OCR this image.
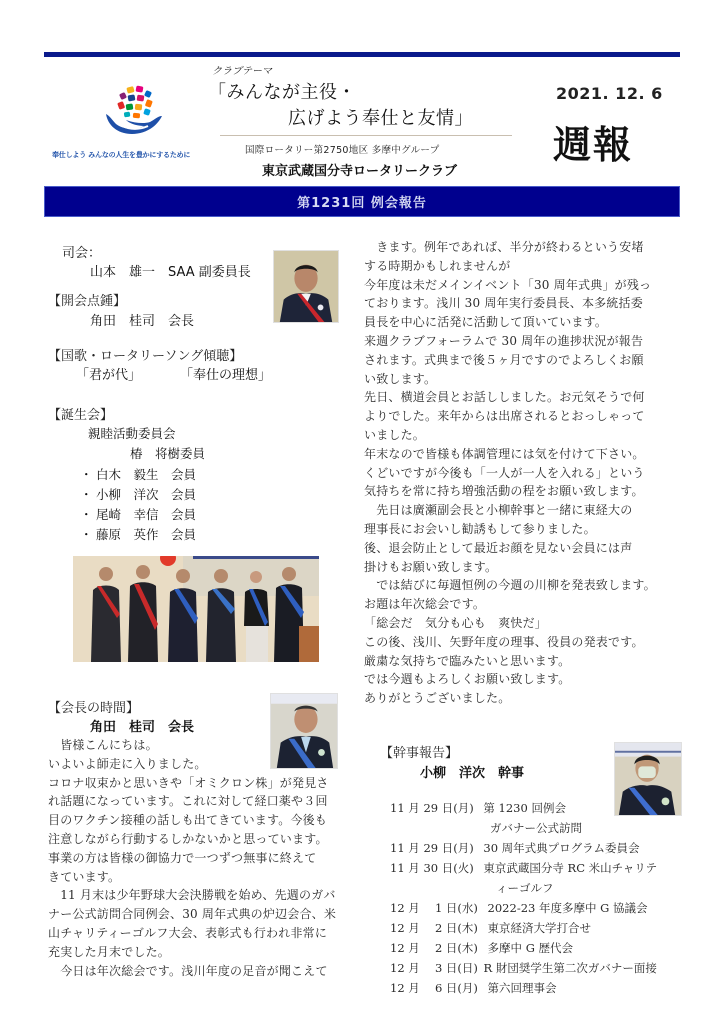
奉仕しよう みんなの人生を豊かにするために
クラブテーマ
「みんなが主役・
広げよう奉仕と友情」
国際ロータリー第2750地区 多摩中グループ
東京武蔵国分寺ロータリークラブ
2021. 12. 6
週報
第1231回 例会報告
司会：
山本　雄一　SAA 副委員長
【開会点鍾】
角田　桂司　会長
【国歌・ロータリーソング傾聴】
「君が代」	「奉仕の理想」
【誕生会】
親睦活動委員会
椿　将樹委員
・ 白木　毅生　会員
・ 小柳　洋次　会員
・ 尾崎　幸信　会員
・ 藤原　英作　会員
【会長の時間】
角田　桂司　会長
　皆様こんにちは。
いよいよ師走に入りました。
コロナ収束かと思いきや「オミクロン株」が発見さ
れ話題になっています。これに対して経口薬や３回
目のワクチン接種の話しも出てきています。今後も
注意しながら行動するしかないかと思っています。
事業の方は皆様の御協力で一つずつ無事に終えて
きています。
　11 月末は少年野球大会決勝戦を始め、先週のガバ
ナー公式訪問合同例会、30 周年式典の炉辺会合、米
山チャリティーゴルフ大会、表彰式も行われ非常に
充実した月末でした。
　今日は年次総会です。浅川年度の足音が聞こえて
　きます。例年であれば、半分が終わるという安堵
する時期かもしれませんが
今年度は未だメインイベント「30 周年式典」が残っ
ております。浅川 30 周年実行委員長、本多統括委
員長を中心に活発に活動して頂いています。
来週クラブフォーラムで 30 周年の進捗状況が報告
されます。式典まで後５ヶ月ですのでよろしくお願
い致します。
先日、横道会員とお話ししました。お元気そうで何
よりでした。来年からは出席されるとおっしゃって
いました。
年末なので皆様も体調管理には気を付けて下さい。
くどいですが今後も「一人が一人を入れる」という
気持ちを常に持ち増強活動の程をお願い致します。
　先日は廣瀬副会長と小柳幹事と一緒に東経大の
理事長にお会いし勧誘もして参りました。
後、退会防止として最近お顔を見ない会員には声
掛けもお願い致します。
　では結びに毎週恒例の今週の川柳を発表致します。
お題は年次総会です。
「総会だ　気分も心も　爽快だ」
この後、浅川、矢野年度の理事、役員の発表です。
厳粛な気持ちで臨みたいと思います。
では今週もよろしくお願い致します。
ありがとうございました。
【幹事報告】
小柳　洋次　幹事
11 月 29 日(月) 第 1230 回例会
ガバナー公式訪問
11 月 29 日(月) 30 周年式典プログラム委員会
11 月 30 日(火) 東京武蔵国分寺 RC 米山チャリテ
ィーゴルフ
12 月　 1 日(水) 2022-23 年度多摩中 G 協議会
12 月　 2 日(木) 東京経済大学打合せ
12 月　 2 日(木) 多摩中 G 歴代会
12 月　 3 日(日) R 財団奨学生第二次ガバナー面接
12 月　 6 日(月) 第六回理事会
